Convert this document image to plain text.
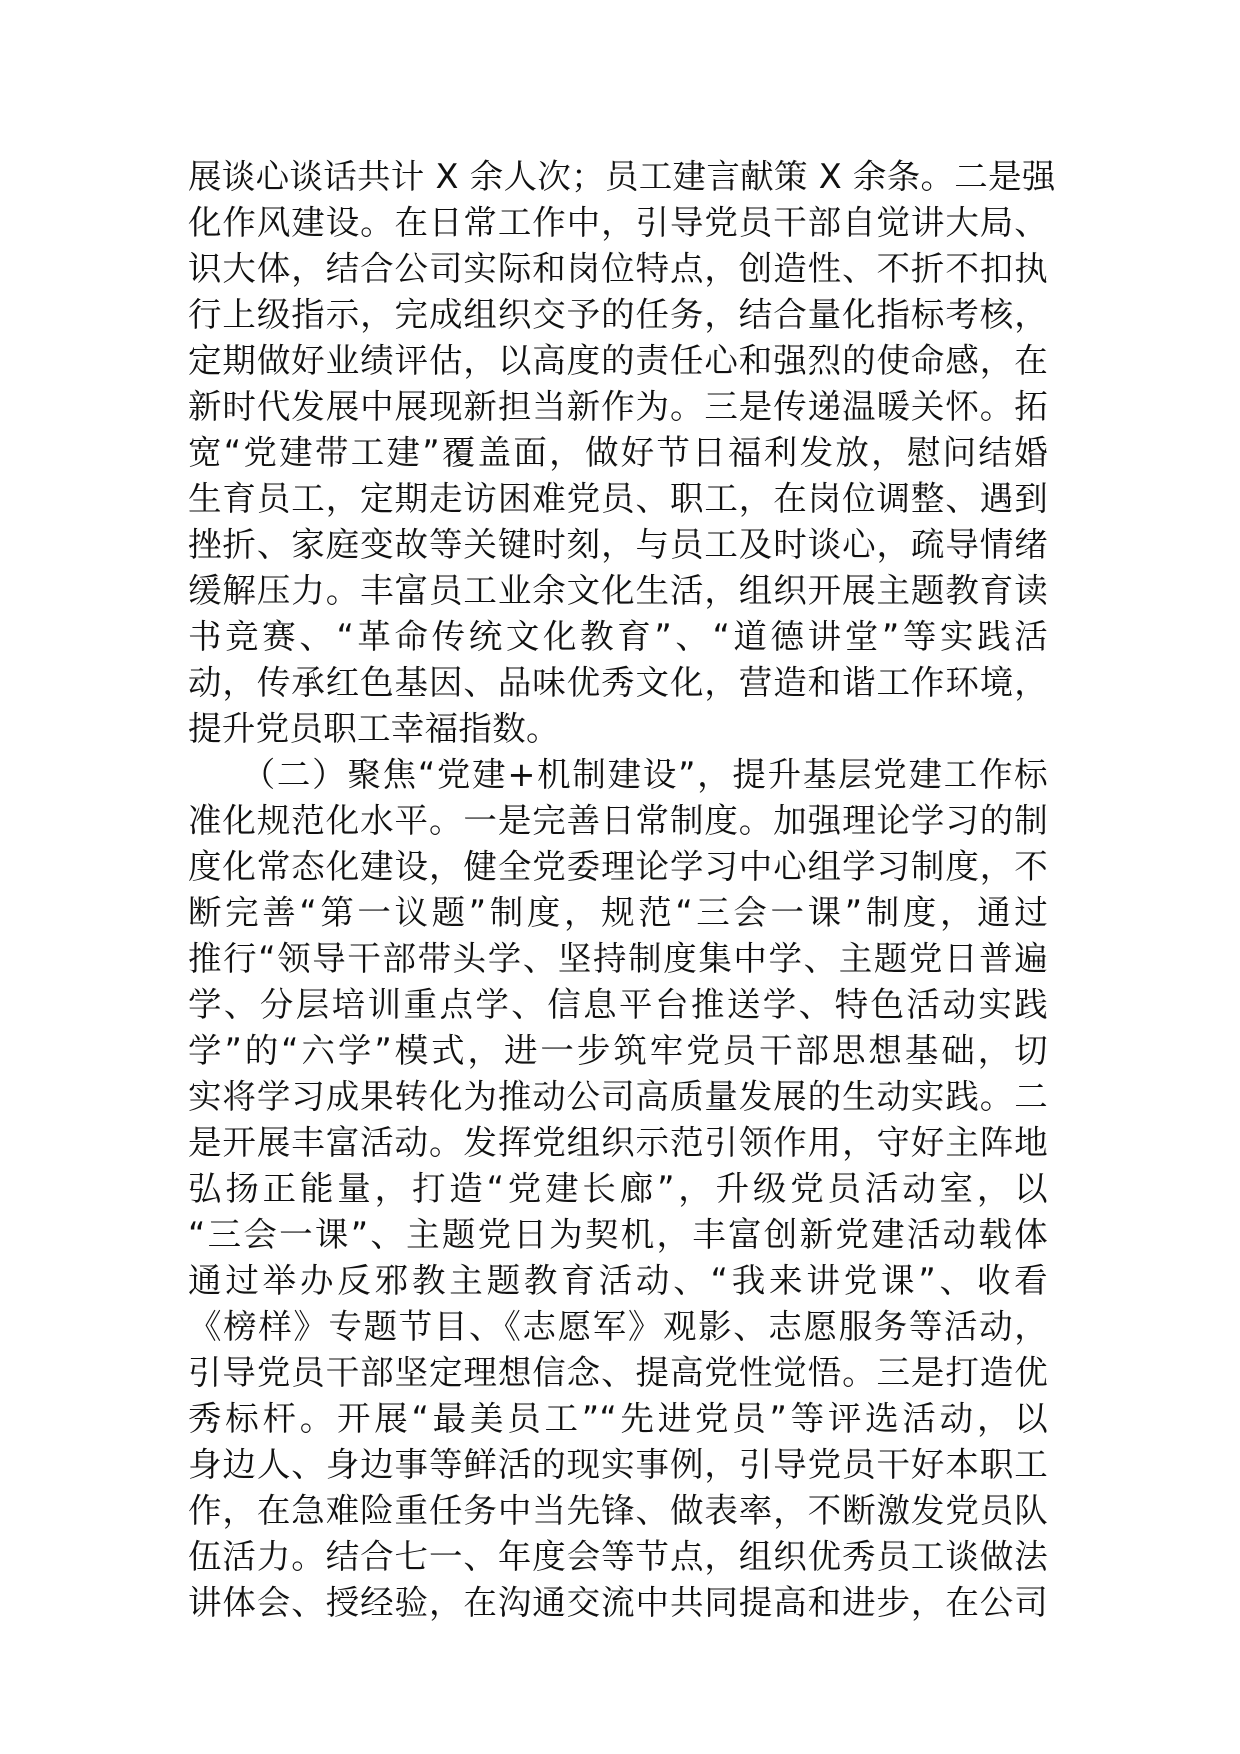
展谈心谈话共计 X 余人次；员工建言献策 X 余条。二是强
化作风建设。在日常工作中，引导党员干部自觉讲大局、
识大体，结合公司实际和岗位特点，创造性、不折不扣执
行上级指示，完成组织交予的任务，结合量化指标考核，
定期做好业绩评估，以高度的责任心和强烈的使命感，在
新时代发展中展现新担当新作为。三是传递温暖关怀。拓
宽“党建带工建”覆盖面，做好节日福利发放，慰问结婚
生育员工，定期走访困难党员、职工，在岗位调整、遇到
挫折、家庭变故等关键时刻，与员工及时谈心，疏导情绪
缓解压力。丰富员工业余文化生活，组织开展主题教育读
书竞赛、“革命传统文化教育”、“道德讲堂”等实践活
动，传承红色基因、品味优秀文化，营造和谐工作环境，
提升党员职工幸福指数。
　　（二）聚焦“党建+机制建设”，提升基层党建工作标
准化规范化水平。一是完善日常制度。加强理论学习的制
度化常态化建设，健全党委理论学习中心组学习制度，不
断完善“第一议题”制度，规范“三会一课”制度，通过
推行“领导干部带头学、坚持制度集中学、主题党日普遍
学、分层培训重点学、信息平台推送学、特色活动实践
学”的“六学”模式，进一步筑牢党员干部思想基础，切
实将学习成果转化为推动公司高质量发展的生动实践。二
是开展丰富活动。发挥党组织示范引领作用，守好主阵地
弘扬正能量，打造“党建长廊”，升级党员活动室，以
“三会一课”、主题党日为契机，丰富创新党建活动载体
通过举办反邪教主题教育活动、“我来讲党课”、收看
《榜样》专题节目、《志愿军》观影、志愿服务等活动，
引导党员干部坚定理想信念、提高党性觉悟。三是打造优
秀标杆。开展“最美员工”“先进党员”等评选活动，以
身边人、身边事等鲜活的现实事例，引导党员干好本职工
作，在急难险重任务中当先锋、做表率，不断激发党员队
伍活力。结合七一、年度会等节点，组织优秀员工谈做法
讲体会、授经验，在沟通交流中共同提高和进步，在公司
